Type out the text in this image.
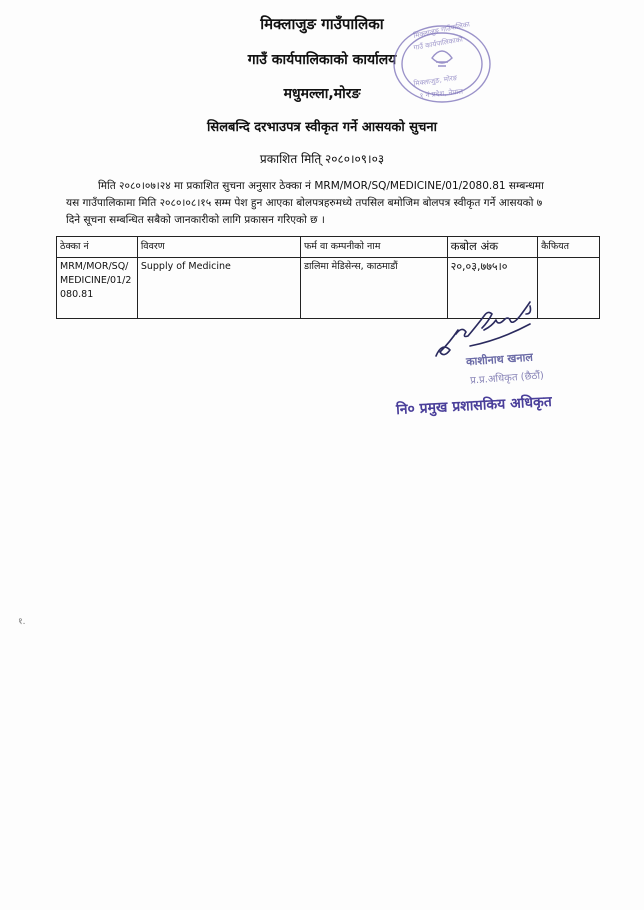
मिक्लाजुङ गाउँपालिका
गाउँ कार्यपालिकाको कार्यालय
मधुमल्ला,मोरङ
सिलबन्दि दरभाउपत्र स्वीकृत गर्ने आसयको सुचना
प्रकाशित मिति् २०८०।०९।०३
मिति २०८०।०७।२४ मा प्रकाशित सुचना अनुसार ठेक्का नं MRM/MOR/SQ/MEDICINE/01/2080.81 सम्बन्धमा
यस गाउँपालिकामा मिति २०८०।०८।१५ सम्म पेश हुन आएका बोलपत्रहरुमध्ये तपसिल बमोजिम बोलपत्र स्वीकृत गर्ने आसयको ७
दिने सूचना सम्बन्धित सबैको जानकारीको लागि प्रकासन गरिएको छ ।
ठेक्का नं	विवरण	फर्म वा कम्पनीको नाम	कबोल अंक	कैफियत
MRM/MOR/SQ/MEDICINE/01/2080.81	Supply of Medicine	डालिमा मेडिसेन्स, काठमाडौं	२०,०३,७७५।०	
मिक्लाजुङ गाउँपालिका
गाउँ कार्यपालिकाको
मिक्लाजुङ, मोरङ
१ नं प्रदेश, नेपाल
काशीनाथ खनाल
प्र.प्र.अधिकृत (छैठौं)
नि० प्रमुख प्रशासकिय अधिकृत
१.
